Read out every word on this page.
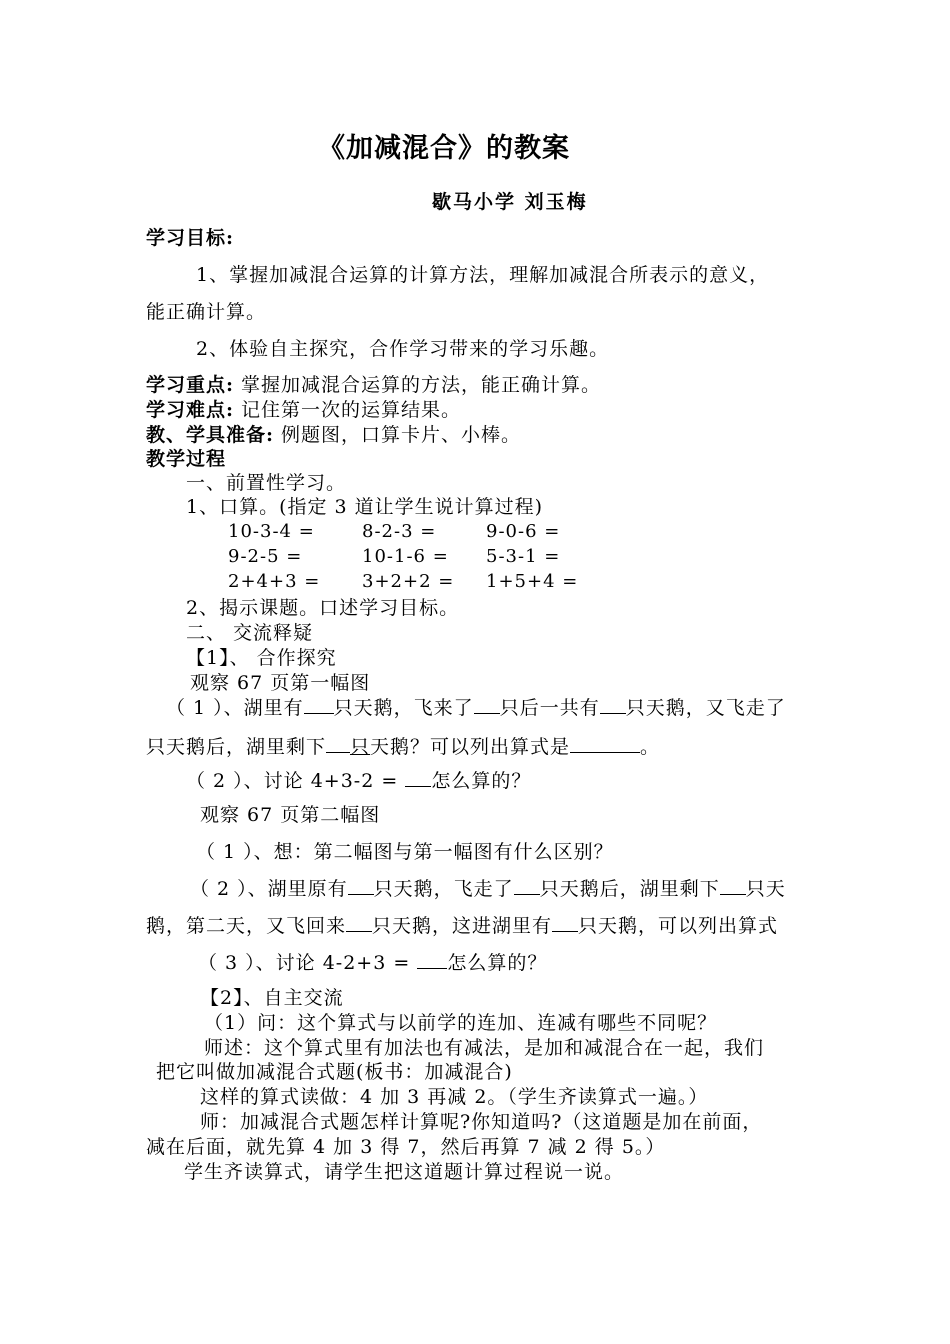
《加减混合》的教案
歇马小学 刘玉梅
学习目标:
1、掌握加减混合运算的计算方法，理解加减混合所表示的意义，
能正确计算。
2、体验自主探究，合作学习带来的学习乐趣。
学习重点: 掌握加减混合运算的方法，能正确计算。
学习难点: 记住第一次的运算结果。
教、学具准备: 例题图，口算卡片、小棒。
教学过程
一、前置性学习。
1、口算。(指定 3 道让学生说计算过程)
10-3-4 =	8-2-3 =	9-0-6 =
9-2-5 =	10-1-6 = 5-3-1 =
2+4+3 = 3+2+2 = 1+5+4 =
2、揭示课题。口述学习目标。
二、 交流释疑
【1】、 合作探究
观察 67 页第一幅图
（ 1 ）、湖里有 只天鹅，飞来了 只后一共有 只天鹅，又飞走了
只天鹅后，湖里剩下 只天鹅？可以列出算式是	。
（ 2 ）、讨论 4+3-2 = 怎么算的？
观察 67 页第二幅图
（ 1 ）、想：第二幅图与第一幅图有什么区别？
（ 2 ）、湖里原有 只天鹅，飞走了 只天鹅后，湖里剩下 只天
鹅，第二天，又飞回来 只天鹅，这进湖里有 只天鹅，可以列出算式
（ 3 ）、讨论 4-2+3 = 怎么算的？
【2】、自主交流
（1）问：这个算式与以前学的连加、连减有哪些不同呢？
师述：这个算式里有加法也有减法，是加和减混合在一起，我们
把它叫做加减混合式题(板书：加减混合)
这样的算式读做：4 加 3 再减 2。（学生齐读算式一遍。）
师：加减混合式题怎样计算呢?你知道吗?（这道题是加在前面，
减在后面，就先算 4 加 3 得 7，然后再算 7 减 2 得 5。）
学生齐读算式，请学生把这道题计算过程说一说。
